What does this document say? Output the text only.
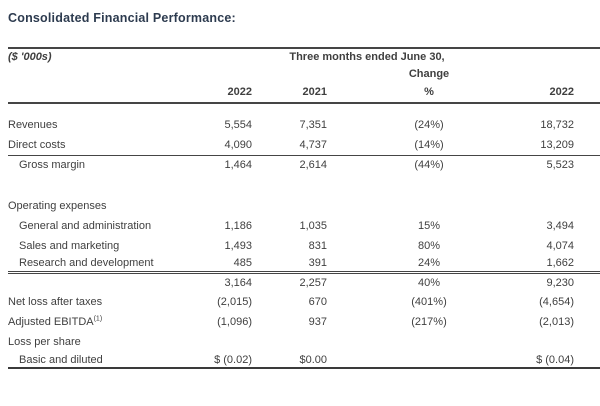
Consolidated Financial Performance:
($ '000s)	Three months ended June 30,			
			Change	
	2022	2021	%	2022

Revenues	5,554	7,351	(24%)	18,732
Direct costs	4,090	4,737	(14%)	13,209
Gross margin	1,464	2,614	(44%)	5,523

Operating expenses				
General and administration	1,186	1,035	15%	3,494
Sales and marketing	1,493	831	80%	4,074
Research and development	485	391	24%	1,662
	3,164	2,257	40%	9,230
Net loss after taxes	(2,015)	670	(401%)	(4,654)
Adjusted EBITDA$^{(1)}$	(1,096)	937	(217%)	(2,013)
Loss per share				
Basic and diluted	$ (0.02)	$0.00		$ (0.04)
